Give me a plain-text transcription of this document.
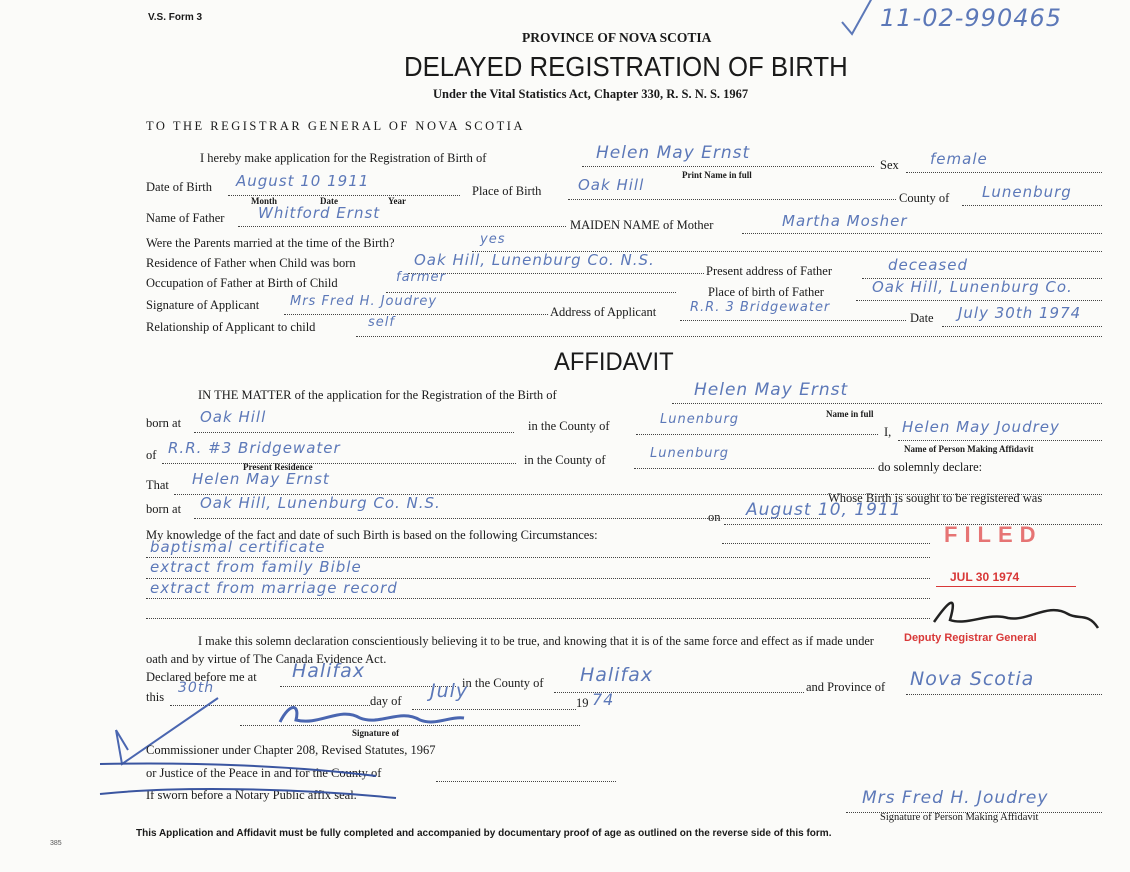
V.S. Form 3	11-02-990465
PROVINCE OF NOVA SCOTIA
DELAYED REGISTRATION OF BIRTH
Under the Vital Statistics Act, Chapter 330, R. S. N. S. 1967
TO THE REGISTRAR GENERAL OF NOVA SCOTIA
I hereby make application for the Registration of Birth of	Helen May Ernst
Print Name in full
Sex female
Date of Birth August 10 1911
Month	Date	Year
Place of Birth Oak Hill
County of Lunenburg
Name of Father Whitford Ernst
MAIDEN NAME of Mother	Martha Mosher
Were the Parents married at the time of the Birth?	yes
Residence of Father when Child was born	Oak Hill, Lunenburg Co. N.S.
Present address of Father	deceased
Occupation of Father at Birth of Child	farmer
Place of birth of Father	Oak Hill, Lunenburg Co.
Signature of Applicant Mrs Fred H. Joudrey
Address of Applicant	R.R. 3 Bridgewater
Date July 30th 1974
Relationship of Applicant to child	self
AFFIDAVIT
IN THE MATTER of the application for the Registration of the Birth of	Helen May Ernst
Name in full
born at Oak Hill	in the County of	Lunenburg
I, Helen May Joudrey
Name of Person Making Affidavit
of R.R. #3 Bridgewater
Present Residence	in the County of	Lunenburg
do solemnly declare:
That Helen May Ernst
born at Oak Hill, Lunenburg Co. N.S.	Whose Birth is sought to be registered was
on August 10, 1911
My knowledge of the fact and date of such Birth is based on the following Circumstances:
baptismal certificate
extract from family Bible
extract from marriage record
FILED
JUL 30 1974
Deputy Registrar General
I make this solemn declaration conscientiously believing it to be true, and knowing that it is of the same force and effect as if made under
oath and by virtue of The Canada Evidence Act.
Declared before me at Halifax
in the County of Halifax
and Province of Nova Scotia
this
30th
day of July
19 74
Signature of
Commissioner under Chapter 208, Revised Statutes, 1967
or Justice of the Peace in and for the County of
If sworn before a Notary Public affix seal.	Mrs Fred H. Joudrey
Signature of Person Making Affidavit
This Application and Affidavit must be fully completed and accompanied by documentary proof of age as outlined on the reverse side of this form.
385
